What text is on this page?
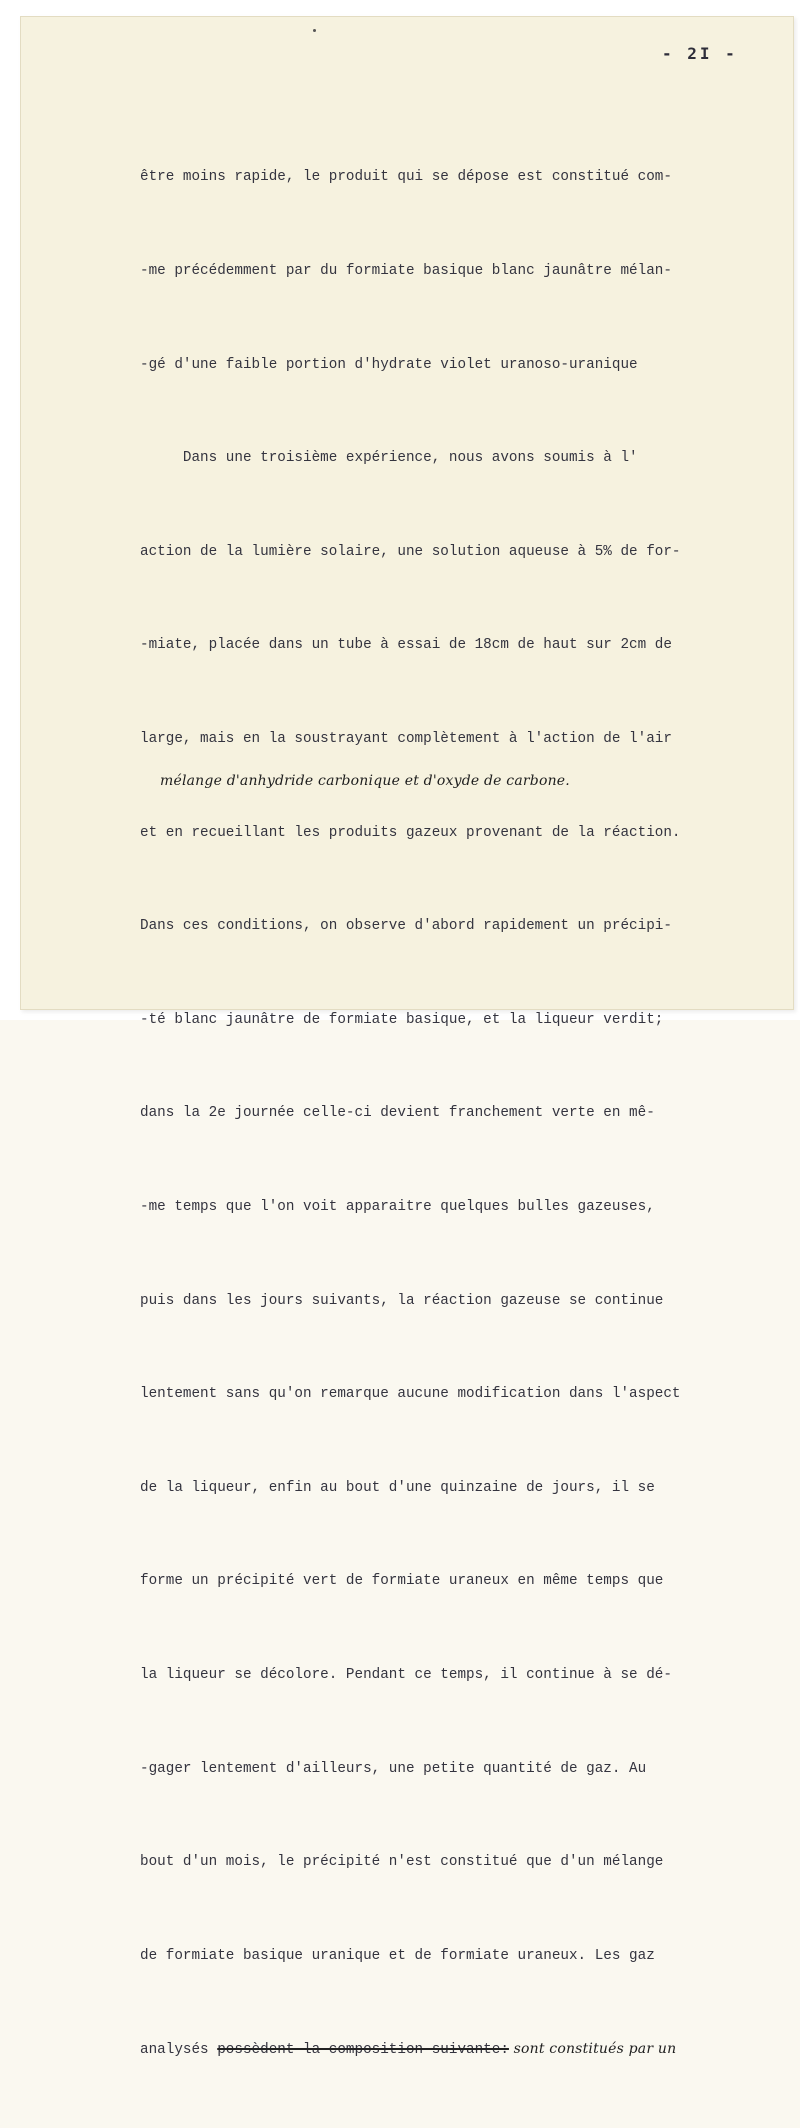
- 2I -

être moins rapide, le produit qui se dépose est constitué com-

-me précédemment par du formiate basique blanc jaunâtre mélan-

-gé d'une faible portion d'hydrate violet uranoso-uranique

Dans une troisième expérience, nous avons soumis à l'

action de la lumière solaire, une solution aqueuse à 5% de for-

-miate, placée dans un tube à essai de 18cm de haut sur 2cm de

large, mais en la soustrayant complètement à l'action de l'air

et en recueillant les produits gazeux provenant de la réaction.

Dans ces conditions, on observe d'abord rapidement un précipi-

-té blanc jaunâtre de formiate basique, et la liqueur verdit;

dans la 2e journée celle-ci devient franchement verte en mê-

-me temps que l'on voit apparaitre quelques bulles gazeuses,

puis dans les jours suivants, la réaction gazeuse se continue

lentement sans qu'on remarque aucune modification dans l'aspect

de la liqueur, enfin au bout d'une quinzaine de jours, il se

forme un précipité vert de formiate uraneux en même temps que

la liqueur se décolore. Pendant ce temps, il continue à se dé-

-gager lentement d'ailleurs, une petite quantité de gaz. Au

bout d'un mois, le précipité n'est constitué que d'un mélange

de formiate basique uranique et de formiate uraneux. Les gaz

analysés possèdent la composition suivante: sont constitués par un

mélange d'anhydride carbonique et d'oxyde de carbone.
